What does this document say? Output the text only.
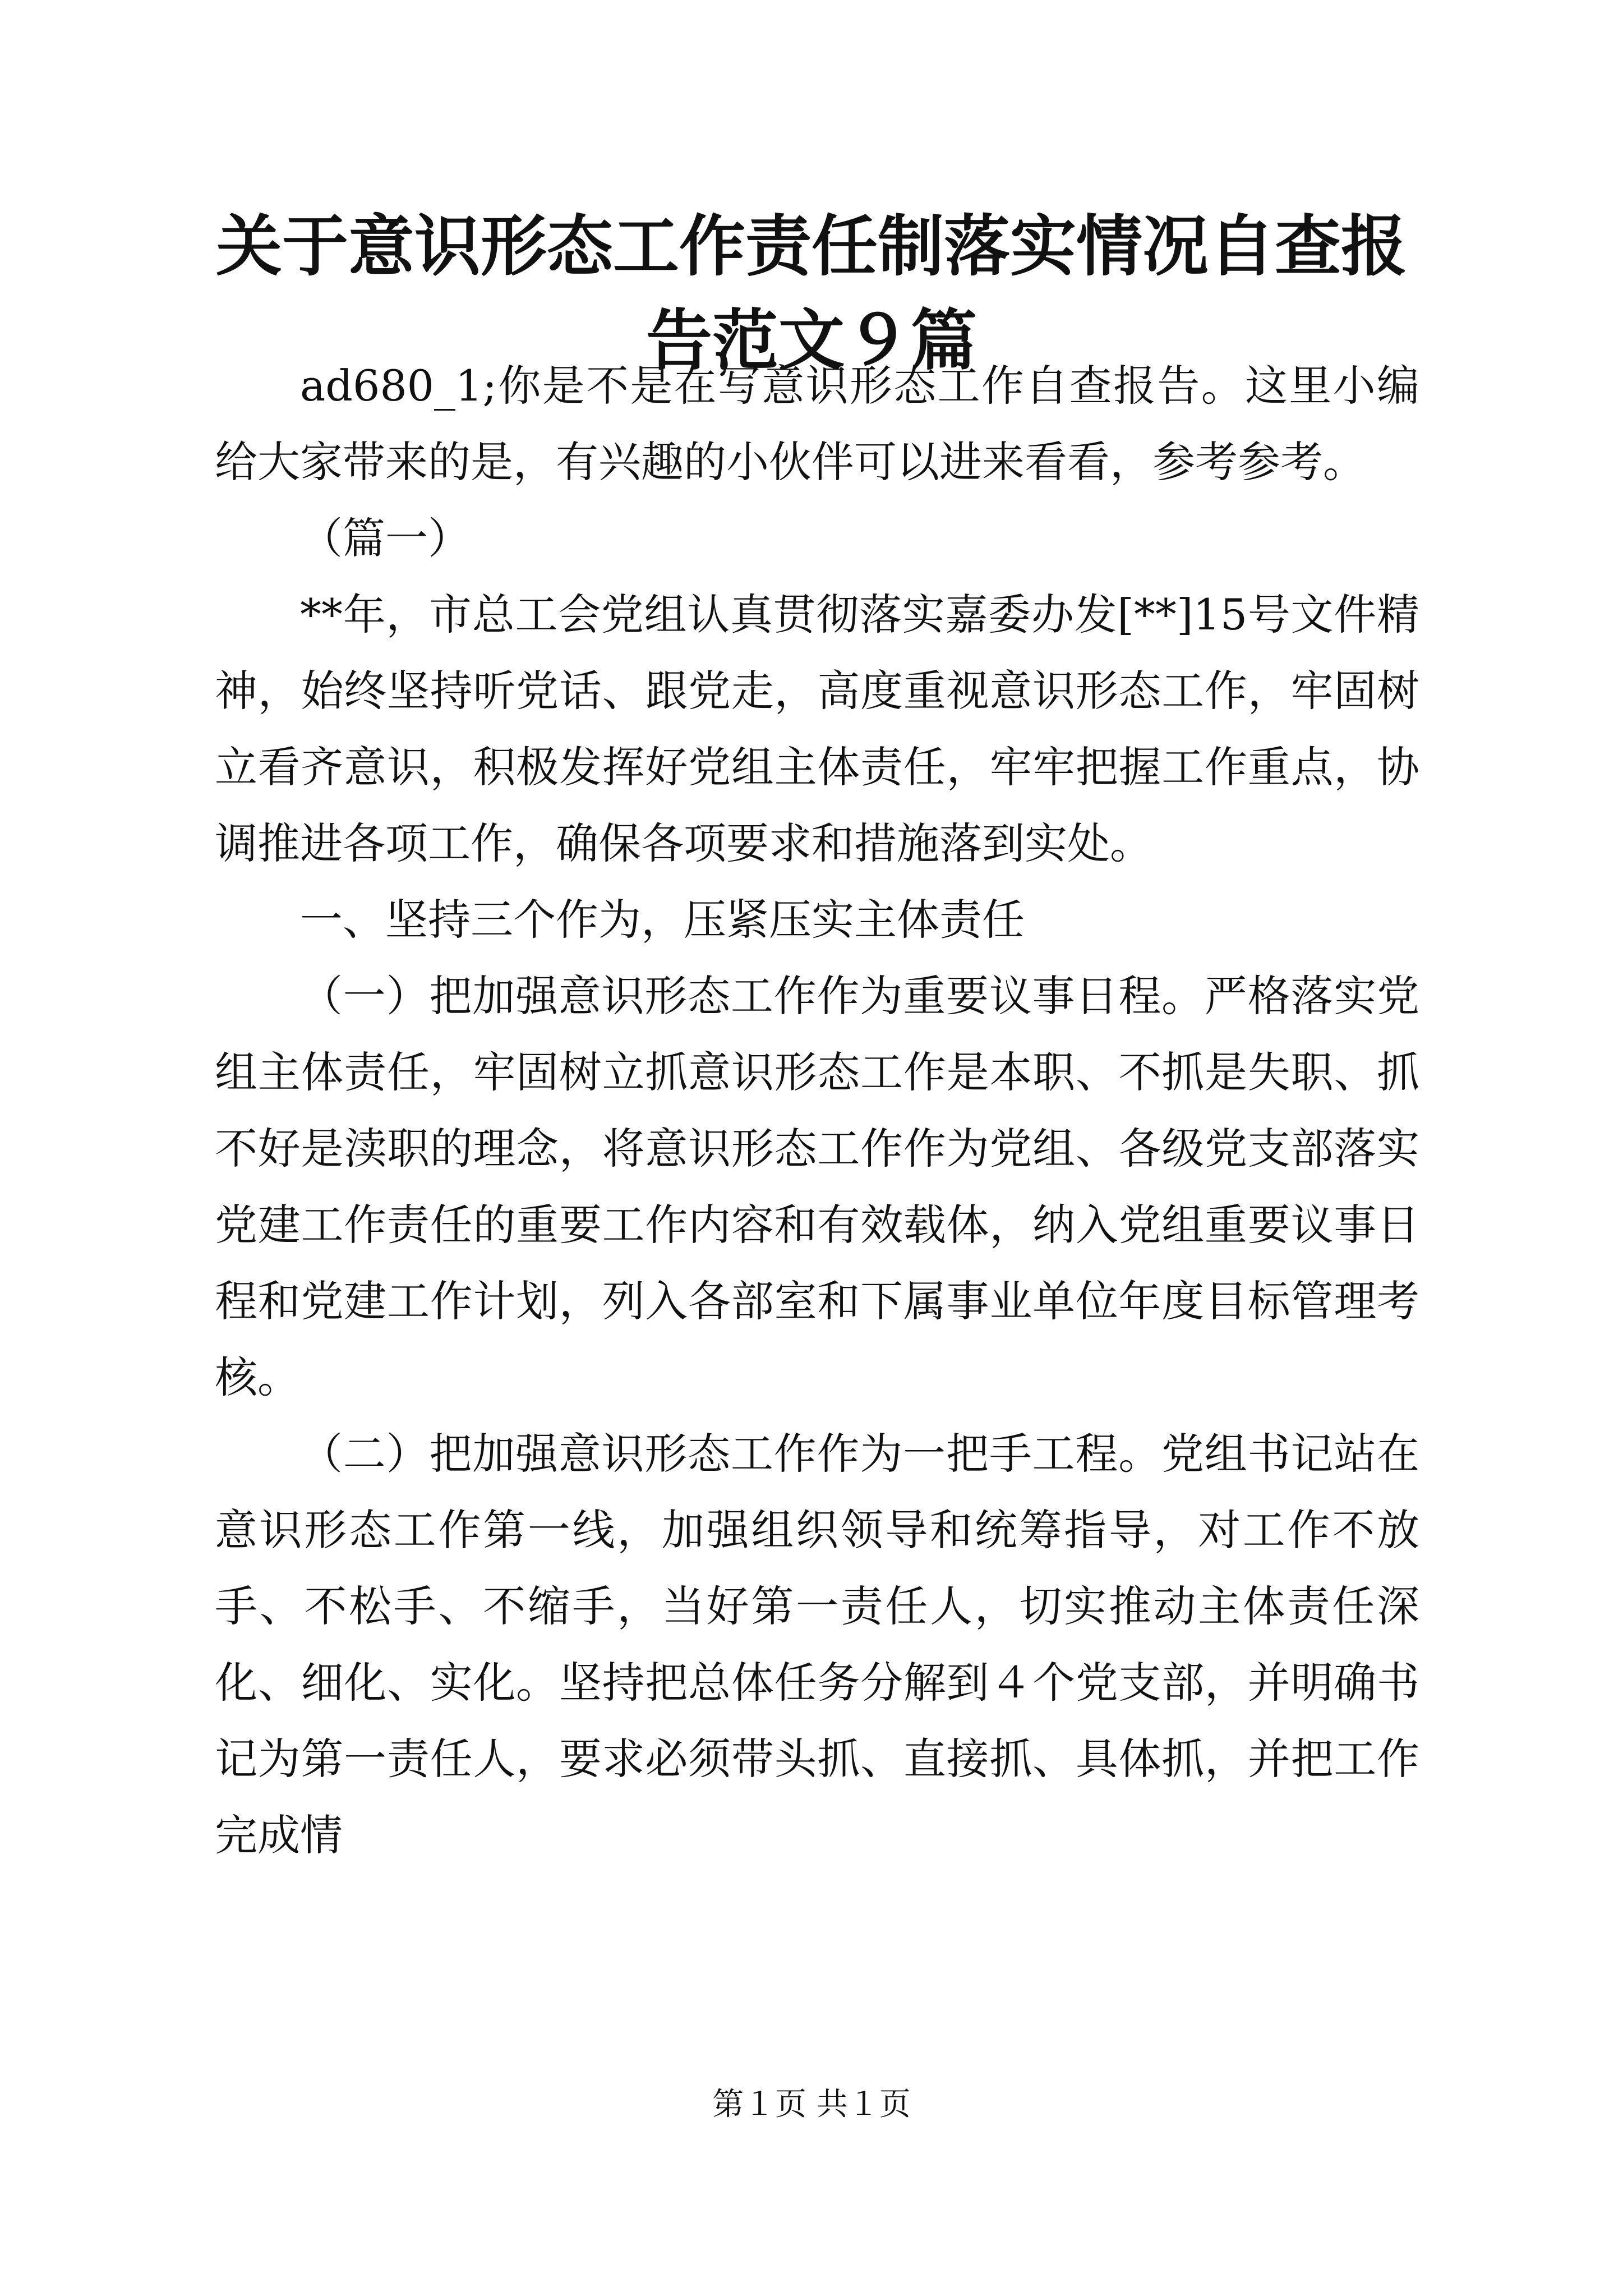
关于意识形态工作责任制落实情况自查报告范文９篇

ad680_1;你是不是在写意识形态工作自查报告。这里小编给大家带来的是，有兴趣的小伙伴可以进来看看，参考参考。

（篇一）

**年，市总工会党组认真贯彻落实嘉委办发[**]15号文件精神，始终坚持听党话、跟党走，高度重视意识形态工作，牢固树立看齐意识，积极发挥好党组主体责任，牢牢把握工作重点，协调推进各项工作，确保各项要求和措施落到实处。

一、坚持三个作为，压紧压实主体责任

（一）把加强意识形态工作作为重要议事日程。严格落实党组主体责任，牢固树立抓意识形态工作是本职、不抓是失职、抓不好是渎职的理念，将意识形态工作作为党组、各级党支部落实党建工作责任的重要工作内容和有效载体，纳入党组重要议事日程和党建工作计划，列入各部室和下属事业单位年度目标管理考核。

（二）把加强意识形态工作作为一把手工程。党组书记站在意识形态工作第一线，加强组织领导和统筹指导，对工作不放手、不松手、不缩手，当好第一责任人，切实推动主体责任深化、细化、实化。坚持把总体任务分解到４个党支部，并明确书记为第一责任人，要求必须带头抓、直接抓、具体抓，并把工作完成情

第１页 共１页
